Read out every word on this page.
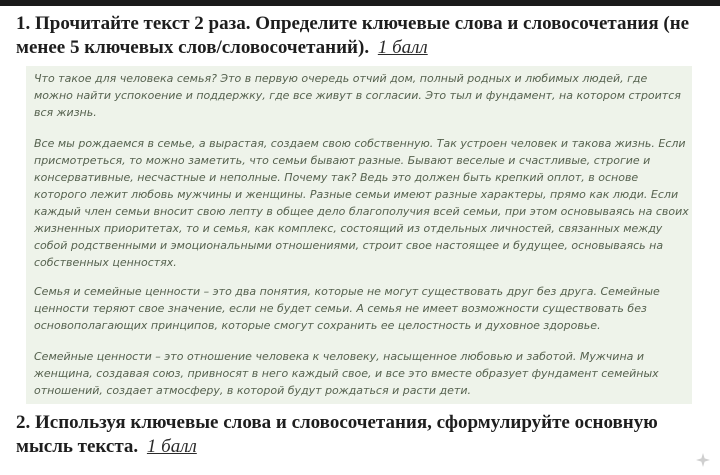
1. Прочитайте текст 2 раза. Определите ключевые слова и словосочетания (не менее 5 ключевых слов/словосочетаний). 1 балл

Что такое для человека семья? Это в первую очередь отчий дом, полный родных и любимых людей, где можно найти успокоение и поддержку, где все живут в согласии. Это тыл и фундамент, на котором строится вся жизнь.

Все мы рождаемся в семье, а вырастая, создаем свою собственную. Так устроен человек и такова жизнь. Если присмотреться, то можно заметить, что семьи бывают разные. Бывают веселые и счастливые, строгие и консервативные, несчастные и неполные. Почему так? Ведь это должен быть крепкий оплот, в основе которого лежит любовь мужчины и женщины. Разные семьи имеют разные характеры, прямо как люди. Если каждый член семьи вносит свою лепту в общее дело благополучия всей семьи, при этом основываясь на своих жизненных приоритетах, то и семья, как комплекс, состоящий из отдельных личностей, связанных между собой родственными и эмоциональными отношениями, строит свое настоящее и будущее, основываясь на собственных ценностях.

Семья и семейные ценности – это два понятия, которые не могут существовать друг без друга. Семейные ценности теряют свое значение, если не будет семьи. А семья не имеет возможности существовать без основополагающих принципов, которые смогут сохранить ее целостность и духовное здоровье.

Семейные ценности – это отношение человека к человеку, насыщенное любовью и заботой. Мужчина и женщина, создавая союз, привносят в него каждый свое, и все это вместе образует фундамент семейных отношений, создает атмосферу, в которой будут рождаться и расти дети.

2. Используя ключевые слова и словосочетания, сформулируйте основную мысль текста. 1 балл
